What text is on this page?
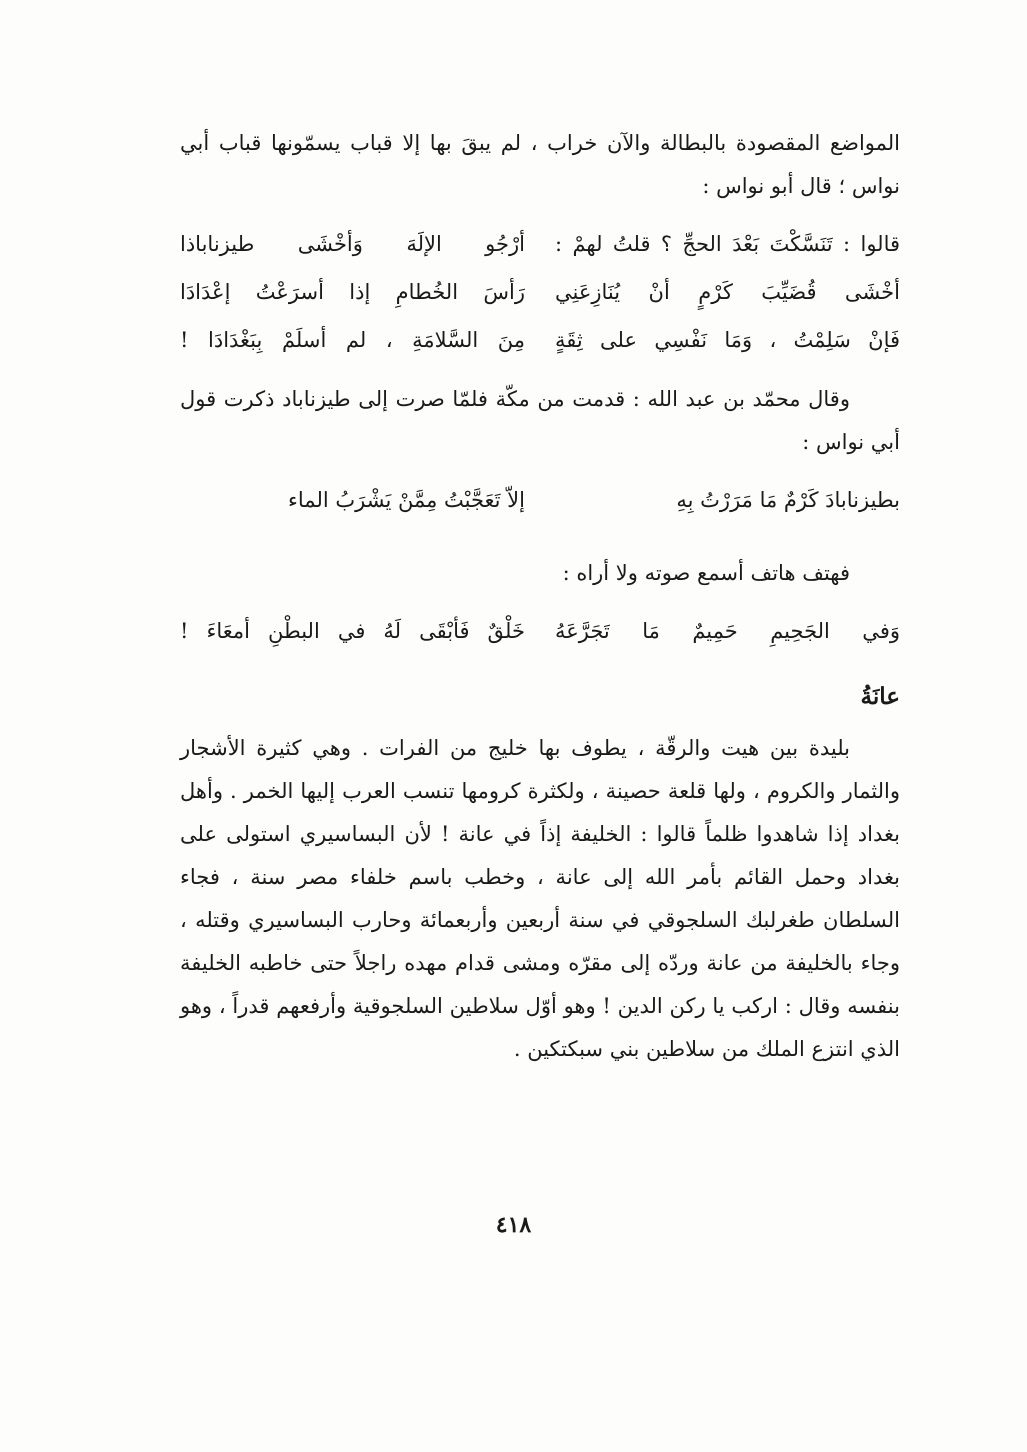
المواضع المقصودة بالبطالة والآن خراب ، لم يبقَ بها إلا قباب يسمّونها قباب أبي نواس ؛ قال أبو نواس :

قالوا : تَنَسَّكْتَ بَعْدَ الحجِّ ؟ قلتُ لهمْ :
أرْجُو الإلَهَ وَأخْشَى طيزناباذا
أخْشَى قُضَيِّبَ كَرْمٍ أنْ يُنَازِعَنِي
رَأسَ الخُطامِ إذا أسرَعْتُ إعْدَادَا
فَإنْ سَلِمْتُ ، وَمَا نَفْسِي على ثِقَةٍ
مِنَ السَّلامَةِ ، لم أسلَمْ بِبَغْدَادَا !

وقال محمّد بن عبد الله : قدمت من مكّة فلمّا صرت إلى طيزناباد ذكرت قول أبي نواس :

بطيزنابادَ كَرْمٌ مَا مَرَرْتُ بِهِ
إلاّ تَعَجَّبْتُ مِمَّنْ يَشْرَبُ الماء

فهتف هاتف أسمع صوته ولا أراه :

وَفي الجَحِيمِ حَمِيمٌ مَا تَجَرَّعَهُ
خَلْقٌ فَأبْقَى لَهُ في البطْنِ أمعَاءَ !
عانَةُ

بليدة بين هيت والرقّة ، يطوف بها خليج من الفرات . وهي كثيرة الأشجار والثمار والكروم ، ولها قلعة حصينة ، ولكثرة كرومها تنسب العرب إليها الخمر . وأهل بغداد إذا شاهدوا ظلماً قالوا : الخليفة إذاً في عانة ! لأن البساسيري استولى على بغداد وحمل القائم بأمر الله إلى عانة ، وخطب باسم خلفاء مصر سنة ، فجاء السلطان طغرلبك السلجوقي في سنة أربعين وأربعمائة وحارب البساسيري وقتله ، وجاء بالخليفة من عانة وردّه إلى مقرّه ومشى قدام مهده راجلاً حتى خاطبه الخليفة بنفسه وقال : اركب يا ركن الدين ! وهو أوّل سلاطين السلجوقية وأرفعهم قدراً ، وهو الذي انتزع الملك من سلاطين بني سبكتكين .

٤١٨
